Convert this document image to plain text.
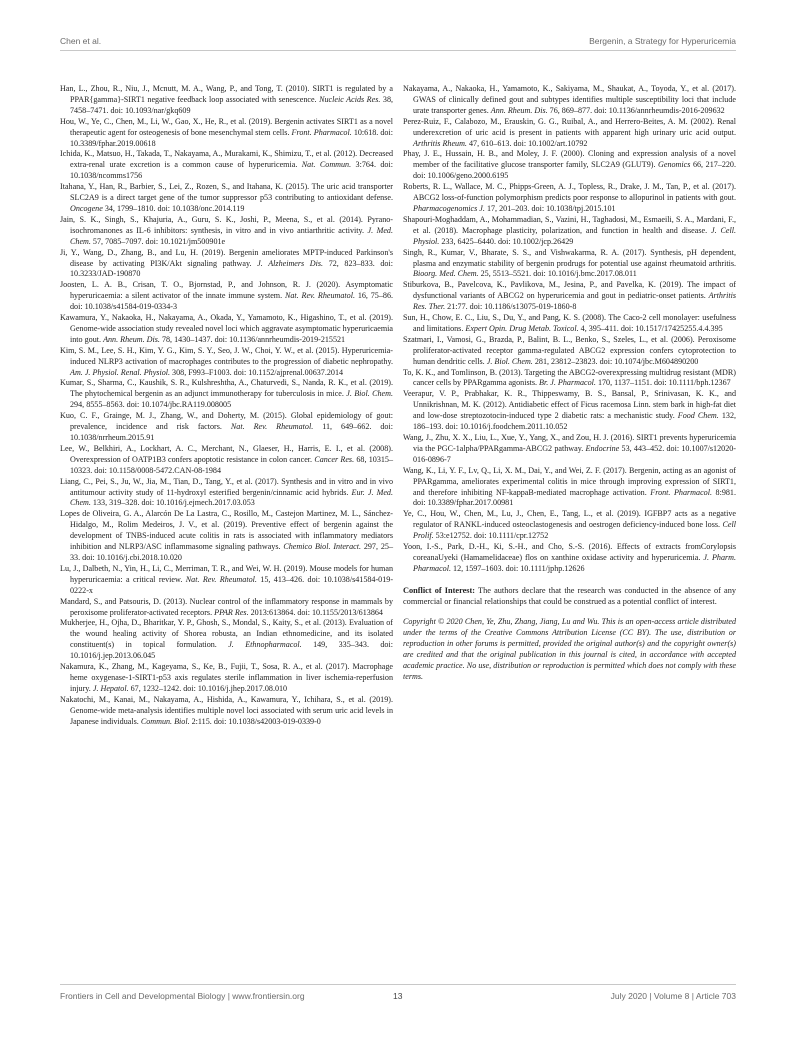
Chen et al.	Bergenin, a Strategy for Hyperuricemia

Han, L., Zhou, R., Niu, J., Mcnutt, M. A., Wang, P., and Tong, T. (2010). SIRT1 is regulated by a PPAR{gamma}-SIRT1 negative feedback loop associated with senescence. Nucleic Acids Res. 38, 7458–7471. doi: 10.1093/nar/gkq609

Hou, W., Ye, C., Chen, M., Li, W., Gao, X., He, R., et al. (2019). Bergenin activates SIRT1 as a novel therapeutic agent for osteogenesis of bone mesenchymal stem cells. Front. Pharmacol. 10:618. doi: 10.3389/fphar.2019.00618

Ichida, K., Matsuo, H., Takada, T., Nakayama, A., Murakami, K., Shimizu, T., et al. (2012). Decreased extra-renal urate excretion is a common cause of hyperuricemia. Nat. Commun. 3:764. doi: 10.1038/ncomms1756

Itahana, Y., Han, R., Barbier, S., Lei, Z., Rozen, S., and Itahana, K. (2015). The uric acid transporter SLC2A9 is a direct target gene of the tumor suppressor p53 contributing to antioxidant defense. Oncogene 34, 1799–1810. doi: 10.1038/onc.2014.119

Jain, S. K., Singh, S., Khajuria, A., Guru, S. K., Joshi, P., Meena, S., et al. (2014). Pyrano-isochromanones as IL-6 inhibitors: synthesis, in vitro and in vivo antiarthritic activity. J. Med. Chem. 57, 7085–7097. doi: 10.1021/jm500901e

Ji, Y., Wang, D., Zhang, B., and Lu, H. (2019). Bergenin ameliorates MPTP-induced Parkinson's disease by activating PI3K/Akt signaling pathway. J. Alzheimers Dis. 72, 823–833. doi: 10.3233/JAD-190870

Joosten, L. A. B., Crisan, T. O., Bjornstad, P., and Johnson, R. J. (2020). Asymptomatic hyperuricaemia: a silent activator of the innate immune system. Nat. Rev. Rheumatol. 16, 75–86. doi: 10.1038/s41584-019-0334-3

Kawamura, Y., Nakaoka, H., Nakayama, A., Okada, Y., Yamamoto, K., Higashino, T., et al. (2019). Genome-wide association study revealed novel loci which aggravate asymptomatic hyperuricaemia into gout. Ann. Rheum. Dis. 78, 1430–1437. doi: 10.1136/annrheumdis-2019-215521

Kim, S. M., Lee, S. H., Kim, Y. G., Kim, S. Y., Seo, J. W., Choi, Y. W., et al. (2015). Hyperuricemia-induced NLRP3 activation of macrophages contributes to the progression of diabetic nephropathy. Am. J. Physiol. Renal. Physiol. 308, F993–F1003. doi: 10.1152/ajprenal.00637.2014

Kumar, S., Sharma, C., Kaushik, S. R., Kulshreshtha, A., Chaturvedi, S., Nanda, R. K., et al. (2019). The phytochemical bergenin as an adjunct immunotherapy for tuberculosis in mice. J. Biol. Chem. 294, 8555–8563. doi: 10.1074/jbc.RA119.008005

Kuo, C. F., Grainge, M. J., Zhang, W., and Doherty, M. (2015). Global epidemiology of gout: prevalence, incidence and risk factors. Nat. Rev. Rheumatol. 11, 649–662. doi: 10.1038/nrrheum.2015.91

Lee, W., Belkhiri, A., Lockhart, A. C., Merchant, N., Glaeser, H., Harris, E. I., et al. (2008). Overexpression of OATP1B3 confers apoptotic resistance in colon cancer. Cancer Res. 68, 10315–10323. doi: 10.1158/0008-5472.CAN-08-1984

Liang, C., Pei, S., Ju, W., Jia, M., Tian, D., Tang, Y., et al. (2017). Synthesis and in vitro and in vivo antitumour activity study of 11-hydroxyl esterified bergenin/cinnamic acid hybrids. Eur. J. Med. Chem. 133, 319–328. doi: 10.1016/j.ejmech.2017.03.053

Lopes de Oliveira, G. A., Alarcón De La Lastra, C., Rosillo, M., Castejon Martinez, M. L., Sánchez-Hidalgo, M., Rolim Medeiros, J. V., et al. (2019). Preventive effect of bergenin against the development of TNBS-induced acute colitis in rats is associated with inflammatory mediators inhibition and NLRP3/ASC inflammasome signaling pathways. Chemico Biol. Interact. 297, 25–33. doi: 10.1016/j.cbi.2018.10.020

Lu, J., Dalbeth, N., Yin, H., Li, C., Merriman, T. R., and Wei, W. H. (2019). Mouse models for human hyperuricaemia: a critical review. Nat. Rev. Rheumatol. 15, 413–426. doi: 10.1038/s41584-019-0222-x

Mandard, S., and Patsouris, D. (2013). Nuclear control of the inflammatory response in mammals by peroxisome proliferator-activated receptors. PPAR Res. 2013:613864. doi: 10.1155/2013/613864

Mukherjee, H., Ojha, D., Bharitkar, Y. P., Ghosh, S., Mondal, S., Kaity, S., et al. (2013). Evaluation of the wound healing activity of Shorea robusta, an Indian ethnomedicine, and its isolated constituent(s) in topical formulation. J. Ethnopharmacol. 149, 335–343. doi: 10.1016/j.jep.2013.06.045

Nakamura, K., Zhang, M., Kageyama, S., Ke, B., Fujii, T., Sosa, R. A., et al. (2017). Macrophage heme oxygenase-1-SIRT1-p53 axis regulates sterile inflammation in liver ischemia-reperfusion injury. J. Hepatol. 67, 1232–1242. doi: 10.1016/j.jhep.2017.08.010

Nakatochi, M., Kanai, M., Nakayama, A., Hishida, A., Kawamura, Y., Ichihara, S., et al. (2019). Genome-wide meta-analysis identifies multiple novel loci associated with serum uric acid levels in Japanese individuals. Commun. Biol. 2:115. doi: 10.1038/s42003-019-0339-0

Nakayama, A., Nakaoka, H., Yamamoto, K., Sakiyama, M., Shaukat, A., Toyoda, Y., et al. (2017). GWAS of clinically defined gout and subtypes identifies multiple susceptibility loci that include urate transporter genes. Ann. Rheum. Dis. 76, 869–877. doi: 10.1136/annrheumdis-2016-209632

Perez-Ruiz, F., Calabozo, M., Erauskin, G. G., Ruibal, A., and Herrero-Beites, A. M. (2002). Renal underexcretion of uric acid is present in patients with apparent high urinary uric acid output. Arthritis Rheum. 47, 610–613. doi: 10.1002/art.10792

Phay, J. E., Hussain, H. B., and Moley, J. F. (2000). Cloning and expression analysis of a novel member of the facilitative glucose transporter family, SLC2A9 (GLUT9). Genomics 66, 217–220. doi: 10.1006/geno.2000.6195

Roberts, R. L., Wallace, M. C., Phipps-Green, A. J., Topless, R., Drake, J. M., Tan, P., et al. (2017). ABCG2 loss-of-function polymorphism predicts poor response to allopurinol in patients with gout. Pharmacogenomics J. 17, 201–203. doi: 10.1038/tpj.2015.101

Shapouri-Moghaddam, A., Mohammadian, S., Vazini, H., Taghadosi, M., Esmaeili, S. A., Mardani, F., et al. (2018). Macrophage plasticity, polarization, and function in health and disease. J. Cell. Physiol. 233, 6425–6440. doi: 10.1002/jcp.26429

Singh, R., Kumar, V., Bharate, S. S., and Vishwakarma, R. A. (2017). Synthesis, pH dependent, plasma and enzymatic stability of bergenin prodrugs for potential use against rheumatoid arthritis. Bioorg. Med. Chem. 25, 5513–5521. doi: 10.1016/j.bmc.2017.08.011

Stiburkova, B., Pavelcova, K., Pavlikova, M., Jesina, P., and Pavelka, K. (2019). The impact of dysfunctional variants of ABCG2 on hyperuricemia and gout in pediatric-onset patients. Arthritis Res. Ther. 21:77. doi: 10.1186/s13075-019-1860-8

Sun, H., Chow, E. C., Liu, S., Du, Y., and Pang, K. S. (2008). The Caco-2 cell monolayer: usefulness and limitations. Expert Opin. Drug Metab. Toxicol. 4, 395–411. doi: 10.1517/17425255.4.4.395

Szatmari, I., Vamosi, G., Brazda, P., Balint, B. L., Benko, S., Szeles, L., et al. (2006). Peroxisome proliferator-activated receptor gamma-regulated ABCG2 expression confers cytoprotection to human dendritic cells. J. Biol. Chem. 281, 23812–23823. doi: 10.1074/jbc.M604890200

To, K. K., and Tomlinson, B. (2013). Targeting the ABCG2-overexpressing multidrug resistant (MDR) cancer cells by PPARgamma agonists. Br. J. Pharmacol. 170, 1137–1151. doi: 10.1111/bph.12367

Veerapur, V. P., Prabhakar, K. R., Thippeswamy, B. S., Bansal, P., Srinivasan, K. K., and Unnikrishnan, M. K. (2012). Antidiabetic effect of Ficus racemosa Linn. stem bark in high-fat diet and low-dose streptozotocin-induced type 2 diabetic rats: a mechanistic study. Food Chem. 132, 186–193. doi: 10.1016/j.foodchem.2011.10.052

Wang, J., Zhu, X. X., Liu, L., Xue, Y., Yang, X., and Zou, H. J. (2016). SIRT1 prevents hyperuricemia via the PGC-1alpha/PPARgamma-ABCG2 pathway. Endocrine 53, 443–452. doi: 10.1007/s12020-016-0896-7

Wang, K., Li, Y. F., Lv, Q., Li, X. M., Dai, Y., and Wei, Z. F. (2017). Bergenin, acting as an agonist of PPARgamma, ameliorates experimental colitis in mice through improving expression of SIRT1, and therefore inhibiting NF-kappaB-mediated macrophage activation. Front. Pharmacol. 8:981. doi: 10.3389/fphar.2017.00981

Ye, C., Hou, W., Chen, M., Lu, J., Chen, E., Tang, L., et al. (2019). IGFBP7 acts as a negative regulator of RANKL-induced osteoclastogenesis and oestrogen deficiency-induced bone loss. Cell Prolif. 53:e12752. doi: 10.1111/cpr.12752

Yoon, I.-S., Park, D.-H., Ki, S.-H., and Cho, S.-S. (2016). Effects of extracts fromCorylopsis coreanaUyeki (Hamamelidaceae) flos on xanthine oxidase activity and hyperuricemia. J. Pharm. Pharmacol. 12, 1597–1603. doi: 10.1111/jphp.12626

Conflict of Interest: The authors declare that the research was conducted in the absence of any commercial or financial relationships that could be construed as a potential conflict of interest.

Copyright © 2020 Chen, Ye, Zhu, Zhang, Jiang, Lu and Wu. This is an open-access article distributed under the terms of the Creative Commons Attribution License (CC BY). The use, distribution or reproduction in other forums is permitted, provided the original author(s) and the copyright owner(s) are credited and that the original publication in this journal is cited, in accordance with accepted academic practice. No use, distribution or reproduction is permitted which does not comply with these terms.

Frontiers in Cell and Developmental Biology | www.frontiersin.org	13	July 2020 | Volume 8 | Article 703
